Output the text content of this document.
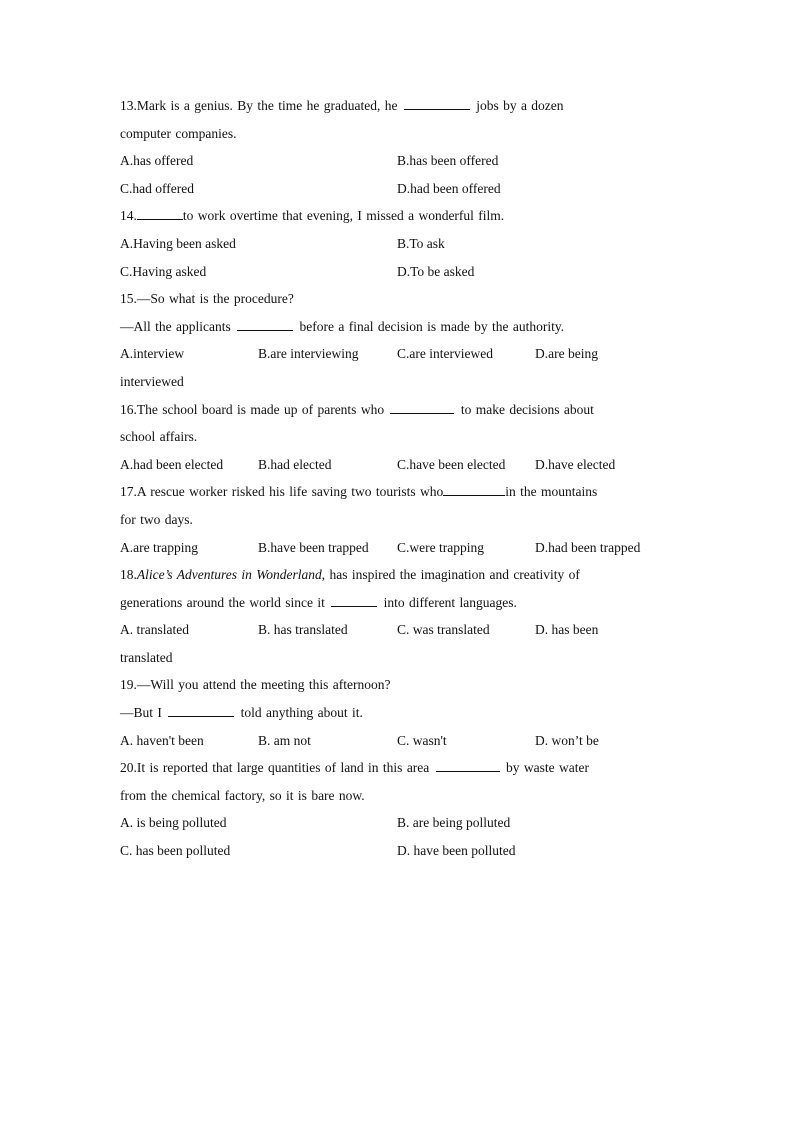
13.Mark is a genius. By the time he graduated, he	jobs by a dozen
computer companies.
A.has offered	B.has been offered
C.had offered	D.had been offered
14.	to work overtime that evening, I missed a wonderful film.
A.Having been asked	B.To ask
C.Having asked	D.To be asked
15.—So what is the procedure?
—All the applicants	before a final decision is made by the authority.
A.interview	B.are interviewing	C.are interviewed	D.are being
interviewed
16.The school board is made up of parents who	to make decisions about
school affairs.
A.had been elected	B.had elected	C.have been elected D.have elected
17.A rescue worker risked his life saving two tourists who	in the mountains
for two days.
A.are trapping	B.have been trapped C.were trapping	D.had been trapped
18.Alice’s Adventures in Wonderland, has inspired the imagination and creativity of
generations around the world since it	into different languages.
A. translated	B. has translated	C. was translated	D. has been
translated
19.—Will you attend the meeting this afternoon?
—But I	told anything about it.
A. haven't been	B. am not	C. wasn't	D. won’t be
20.It is reported that large quantities of land in this area	by waste water
from the chemical factory, so it is bare now.
A. is being polluted	B. are being polluted
C. has been polluted	D. have been polluted
